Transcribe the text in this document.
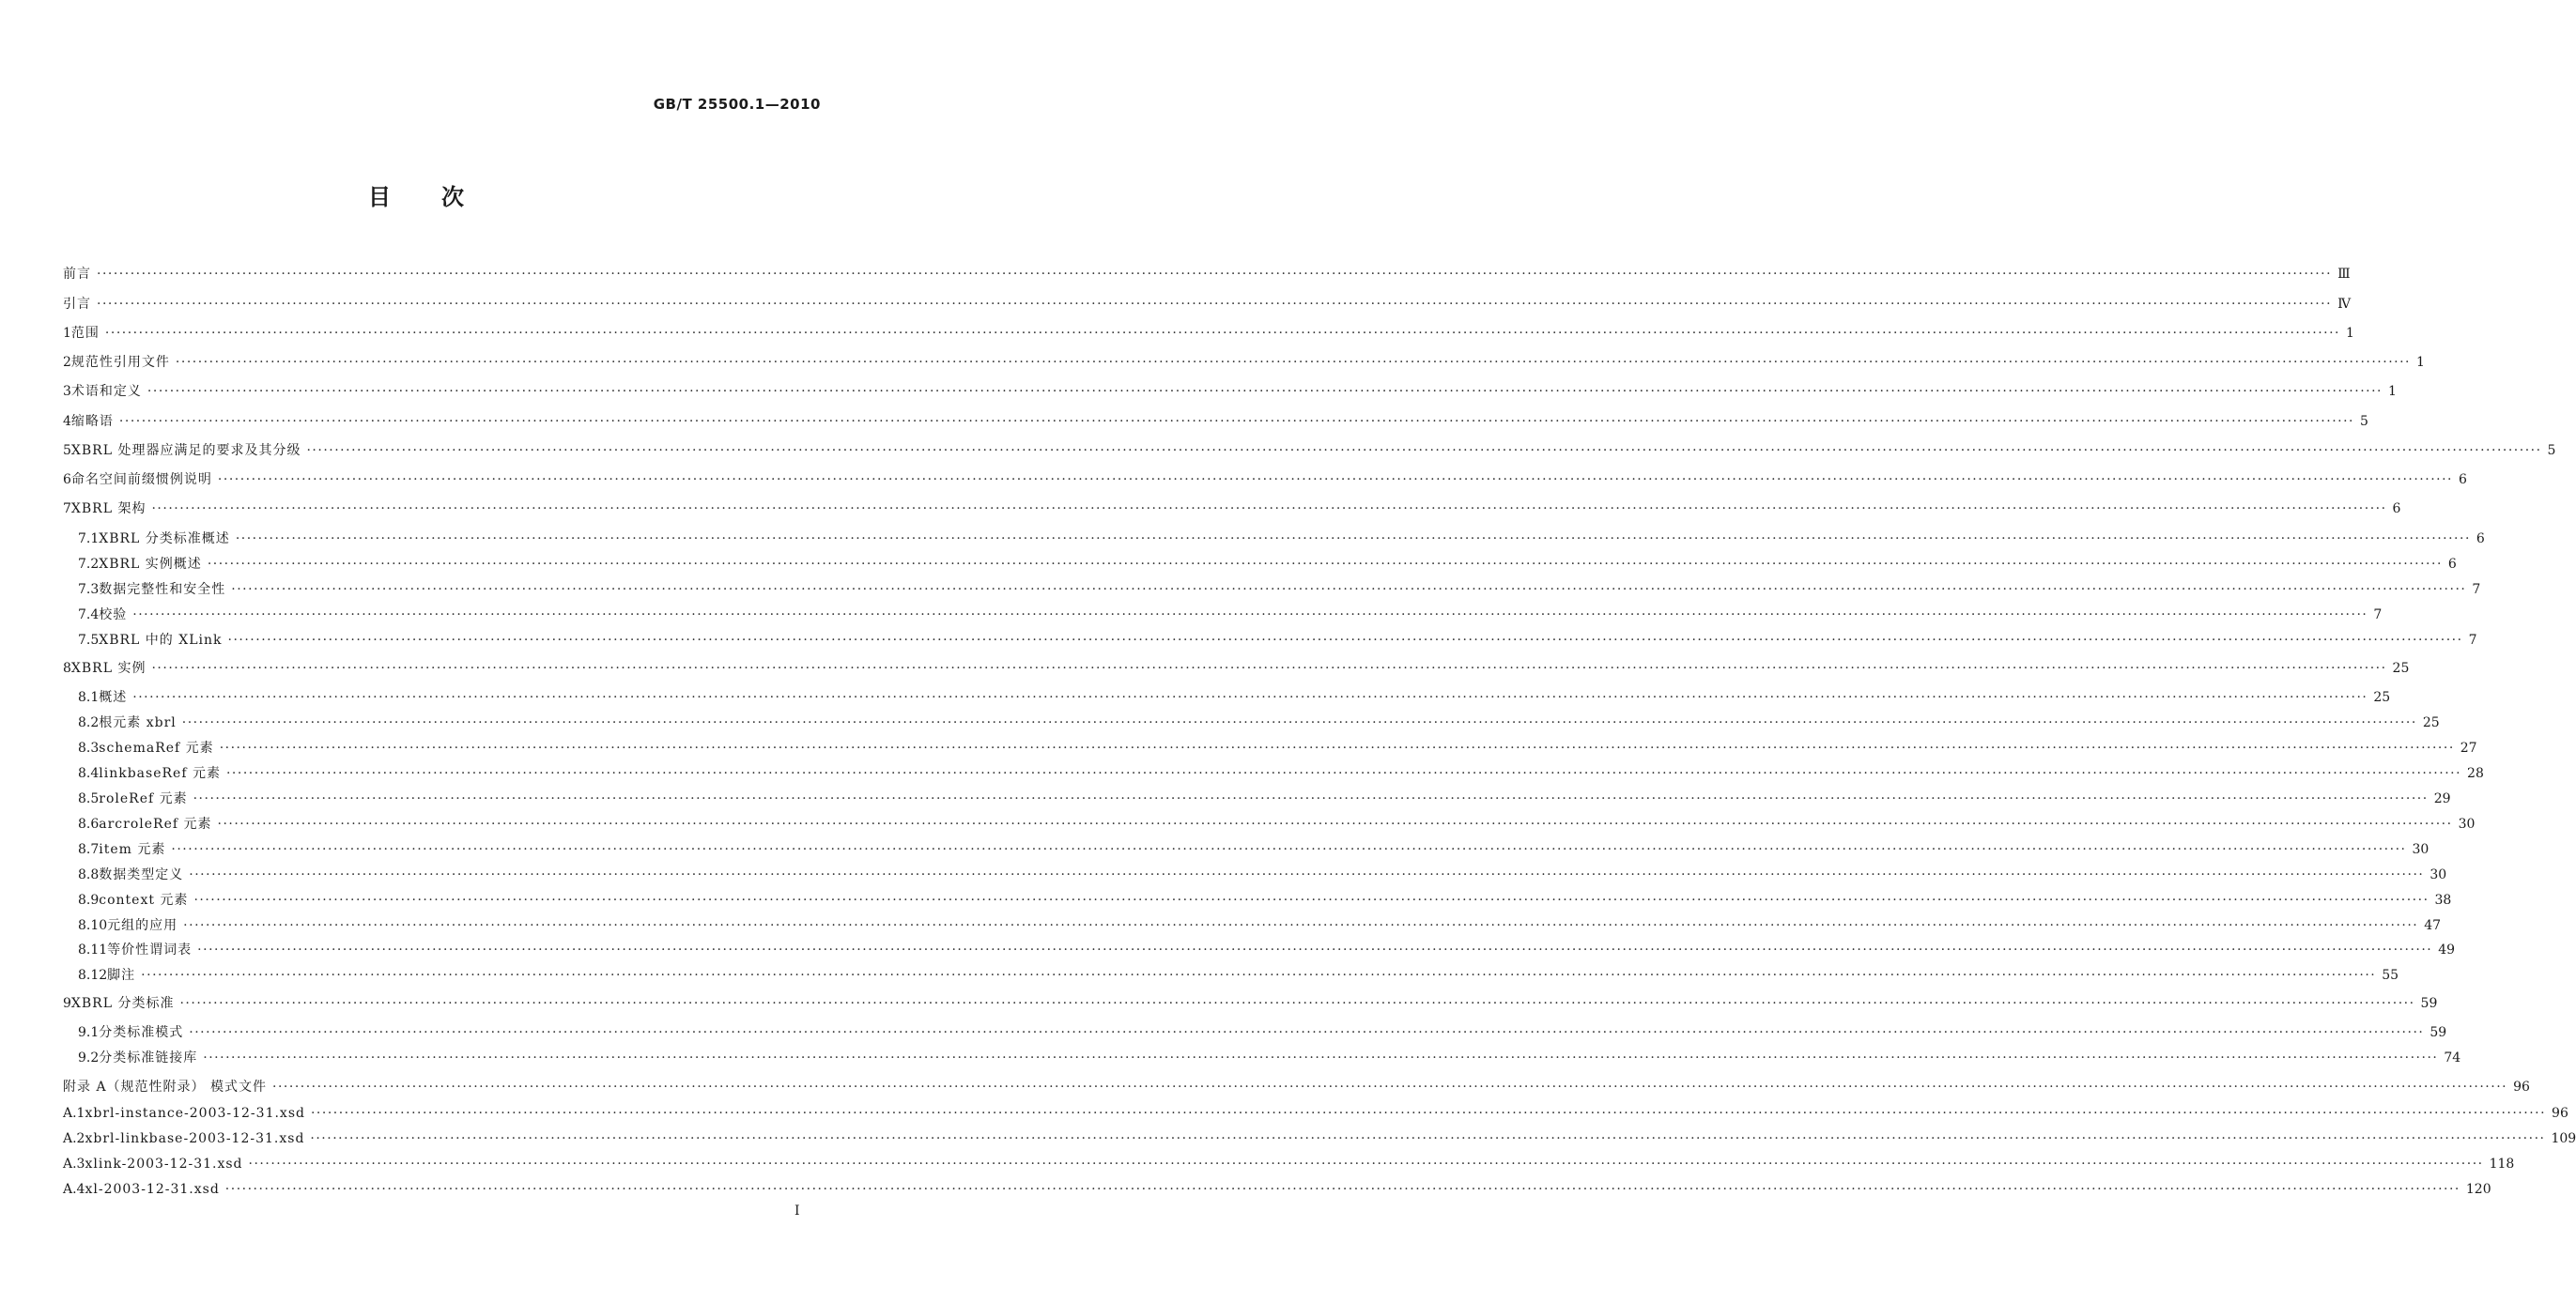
GB/T 25500.1—2010
目次
前言 ················································································································································································································································································································································································································ Ⅲ
引言 ················································································································································································································································································································································································································ Ⅳ
1 范围 ················································································································································································································································································································································································································ 1
2 规范性引用文件 ················································································································································································································································································································································································································ 1
3 术语和定义 ················································································································································································································································································································································································································ 1
4 缩略语 ················································································································································································································································································································································································································ 5
5 XBRL 处理器应满足的要求及其分级 ················································································································································································································································································································································································································ 5
6 命名空间前缀惯例说明 ················································································································································································································································································································································································································ 6
7 XBRL 架构 ················································································································································································································································································································································································································ 6
7.1 XBRL 分类标准概述 ················································································································································································································································································································································································································ 6
7.2 XBRL 实例概述 ················································································································································································································································································································································································································ 6
7.3 数据完整性和安全性 ················································································································································································································································································································································································································ 7
7.4 校验 ················································································································································································································································································································································································································ 7
7.5 XBRL 中的 XLink ················································································································································································································································································································································································································ 7
8 XBRL 实例 ················································································································································································································································································································································································································ 25
8.1 概述 ················································································································································································································································································································································································································ 25
8.2 根元素 xbrl ················································································································································································································································································································································································································ 25
8.3 schemaRef 元素 ················································································································································································································································································································································································································ 27
8.4 linkbaseRef 元素 ················································································································································································································································································································································································································ 28
8.5 roleRef 元素 ················································································································································································································································································································································································································ 29
8.6 arcroleRef 元素 ················································································································································································································································································································································································································ 30
8.7 item 元素 ················································································································································································································································································································································································································ 30
8.8 数据类型定义 ················································································································································································································································································································································································································ 30
8.9 context 元素 ················································································································································································································································································································································································································ 38
8.10 元组的应用 ················································································································································································································································································································································································································ 47
8.11 等价性谓词表 ················································································································································································································································································································································································································ 49
8.12 脚注 ················································································································································································································································································································································································································ 55
9 XBRL 分类标准 ················································································································································································································································································································································································································ 59
9.1 分类标准模式 ················································································································································································································································································································································································································ 59
9.2 分类标准链接库 ················································································································································································································································································································································································································ 74
附录 A（规范性附录） 模式文件 ················································································································································································································································································································································································································ 96
A.1 xbrl-instance-2003-12-31.xsd ················································································································································································································································································································································································································ 96
A.2 xbrl-linkbase-2003-12-31.xsd ················································································································································································································································································································································································································ 109
A.3 xlink-2003-12-31.xsd ················································································································································································································································································································································································································ 118
A.4 xl-2003-12-31.xsd ················································································································································································································································································································································································································ 120
Ⅰ
